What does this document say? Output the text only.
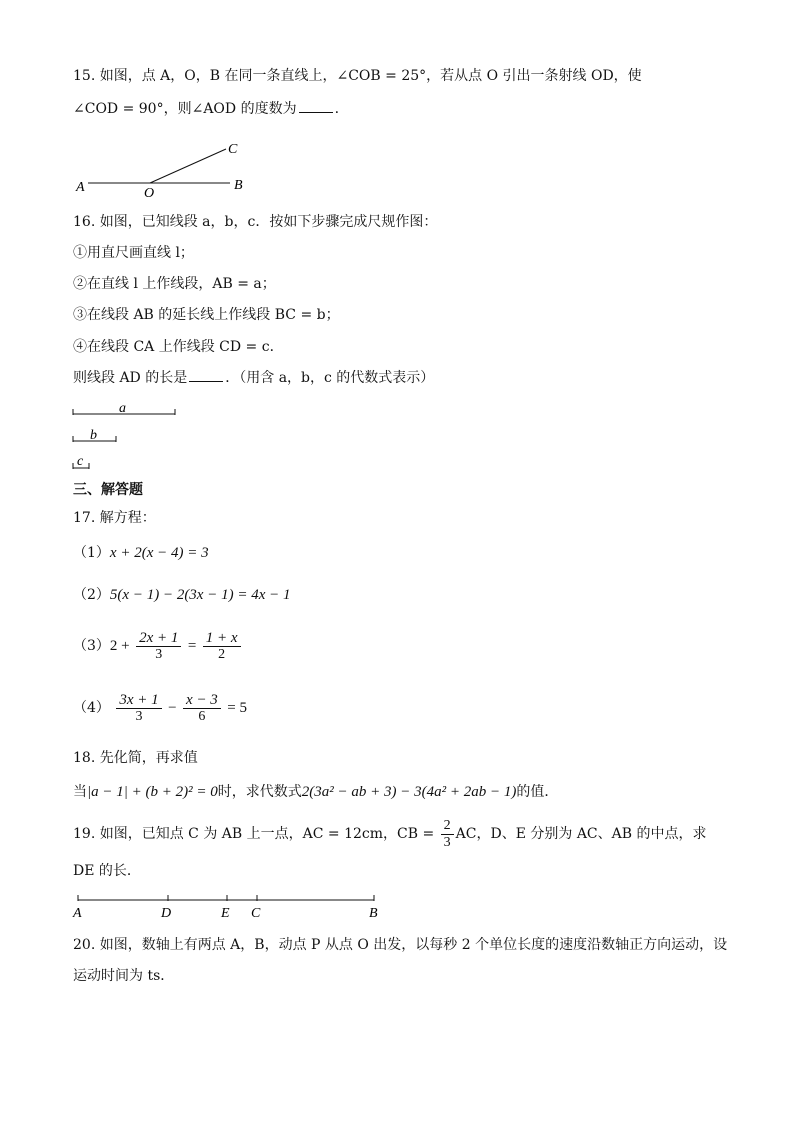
15. 如图，点 A，O，B 在同一条直线上，∠COB = 25°，若从点 O 引出一条射线 OD，使
∠COD = 90°，则∠AOD 的度数为	.
A	O
B
C
16. 如图，已知线段 a，b，c．按如下步骤完成尺规作图：
①用直尺画直线 l；
②在直线 l 上作线段，AB = a；
③在线段 AB 的延长线上作线段 BC = b；
④在线段 CA 上作线段 CD = c．
则线段 AD 的长是	．（用含 a，b，c 的代数式表示）
a
b
c
三、解答题
17. 解方程：
（1）x + 2(x − 4) = 3
（2）5(x − 1) − 2(3x − 1) = 4x − 1
$(3)2 + \frac{2x + 1}{3} = \frac{1 + x}{2}$
$(4) \frac{3x + 1}{3} - \frac{x - 3}{6} = 5$
18. 先化简，再求值
当|a − 1| + (b + 2)² = 0时，求代数式2(3a² − ab + 3) − 3(4a² + 2ab − 1)的值．
19. 如图，已知点 C 为 AB 上一点，AC = 12cm，CB = $\frac{2}{3}$ AC，D、E 分别为 AC、AB 的中点，求
DE 的长．
A	D	E C	B
20. 如图，数轴上有两点 A，B，动点 P 从点 O 出发，以每秒 2 个单位长度的速度沿数轴正方向运动，设
运动时间为 ts．
